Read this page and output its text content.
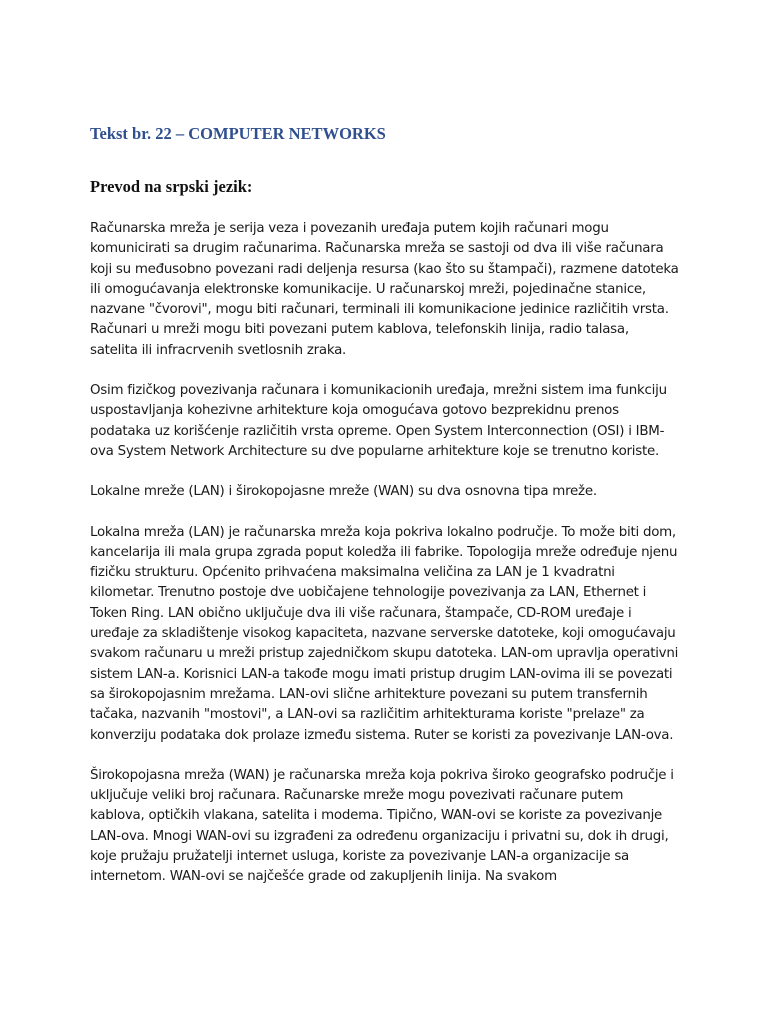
Tekst br. 22 – COMPUTER NETWORKS
Prevod na srpski jezik:

Računarska mreža je serija veza i povezanih uređaja putem kojih računari mogu komunicirati sa drugim računarima. Računarska mreža se sastoji od dva ili više računara koji su međusobno povezani radi deljenja resursa (kao što su štampači), razmene datoteka ili omogućavanja elektronske komunikacije. U računarskoj mreži, pojedinačne stanice, nazvane "čvorovi", mogu biti računari, terminali ili komunikacione jedinice različitih vrsta. Računari u mreži mogu biti povezani putem kablova, telefonskih linija, radio talasa, satelita ili infracrvenih svetlosnih zraka.

Osim fizičkog povezivanja računara i komunikacionih uređaja, mrežni sistem ima funkciju uspostavljanja kohezivne arhitekture koja omogućava gotovo bezprekidnu prenos podataka uz korišćenje različitih vrsta opreme. Open System Interconnection (OSI) i IBM-ova System Network Architecture su dve popularne arhitekture koje se trenutno koriste.

Lokalne mreže (LAN) i širokopojasne mreže (WAN) su dva osnovna tipa mreže.

Lokalna mreža (LAN) je računarska mreža koja pokriva lokalno područje. To može biti dom, kancelarija ili mala grupa zgrada poput koledža ili fabrike. Topologija mreže određuje njenu fizičku strukturu. Općenito prihvaćena maksimalna veličina za LAN je 1 kvadratni kilometar. Trenutno postoje dve uobičajene tehnologije povezivanja za LAN, Ethernet i Token Ring. LAN obično uključuje dva ili više računara, štampače, CD-ROM uređaje i uređaje za skladištenje visokog kapaciteta, nazvane serverske datoteke, koji omogućavaju svakom računaru u mreži pristup zajedničkom skupu datoteka. LAN-om upravlja operativni sistem LAN-a. Korisnici LAN-a takođe mogu imati pristup drugim LAN-ovima ili se povezati sa širokopojasnim mrežama. LAN-ovi slične arhitekture povezani su putem transfernih tačaka, nazvanih "mostovi", a LAN-ovi sa različitim arhitekturama koriste "prelaze" za konverziju podataka dok prolaze između sistema. Ruter se koristi za povezivanje LAN-ova.

Širokopojasna mreža (WAN) je računarska mreža koja pokriva široko geografsko područje i uključuje veliki broj računara. Računarske mreže mogu povezivati računare putem kablova, optičkih vlakana, satelita i modema. Tipično, WAN-ovi se koriste za povezivanje LAN-ova. Mnogi WAN-ovi su izgrađeni za određenu organizaciju i privatni su, dok ih drugi, koje pružaju pružatelji internet usluga, koriste za povezivanje LAN-a organizacije sa internetom. WAN-ovi se najčešće grade od zakupljenih linija. Na svakom
